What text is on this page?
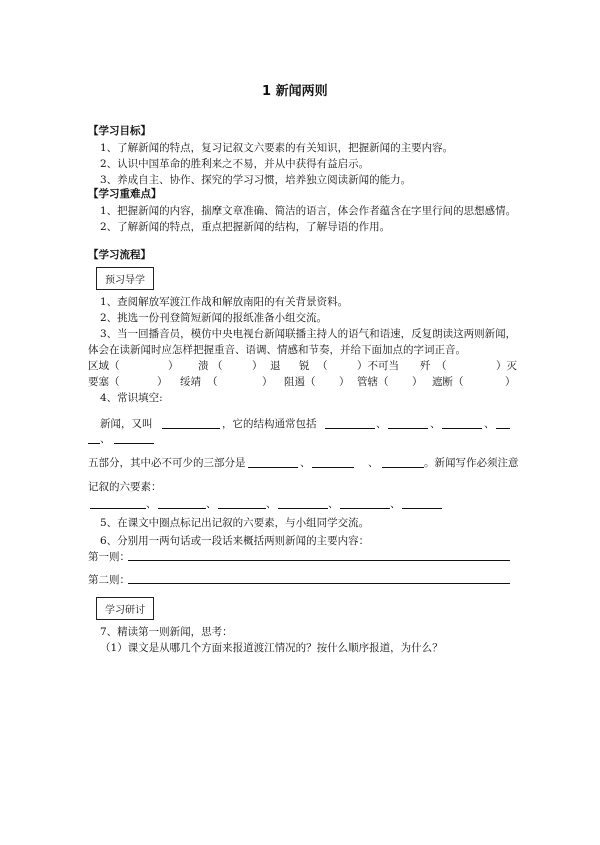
1 新闻两则
【学习目标】
1、了解新闻的特点，复习记叙文六要素的有关知识，把握新闻的主要内容。
2、认识中国革命的胜利来之不易，并从中获得有益启示。
3、养成自主、协作、探究的学习习惯，培养独立阅读新闻的能力。
【学习重难点】
1、把握新闻的内容，揣摩文章准确、简洁的语言，体会作者蕴含在字里行间的思想感情。
2、了解新闻的特点，重点把握新闻的结构，了解导语的作用。
【学习流程】
预习导学
1、查阅解放军渡江作战和解放南阳的有关背景资料。
2、挑选一份刊登简短新闻的报纸准备小组交流。
3、当一回播音员，模仿中央电视台新闻联播主持人的语气和语速，反复朗读这两则新闻，
体会在读新闻时应怎样把握重音、语调、情感和节奏，并给下面加点的字词正音。
区域（	） 溃 （	） 退 锐 （	）不可当 歼 （	）灭
要塞（	） 绥靖 （	） 阻遏（ ） 管辖（ ） 遮断（	）
4、常识填空:
新闻，又叫	，它的结构通常包括	、	、	、
、
五部分，其中必不可少的三部分是	、	、	。新闻写作必须注意
记叙的六要素：
、	、	、	、	、
5、在课文中圈点标记出记叙的六要素，与小组同学交流。
6、分别用一两句话或一段话来概括两则新闻的主要内容：
第一则：
第二则：
学习研讨
7、精读第一则新闻，思考：
（1）课文是从哪几个方面来报道渡江情况的？按什么顺序报道，为什么？
